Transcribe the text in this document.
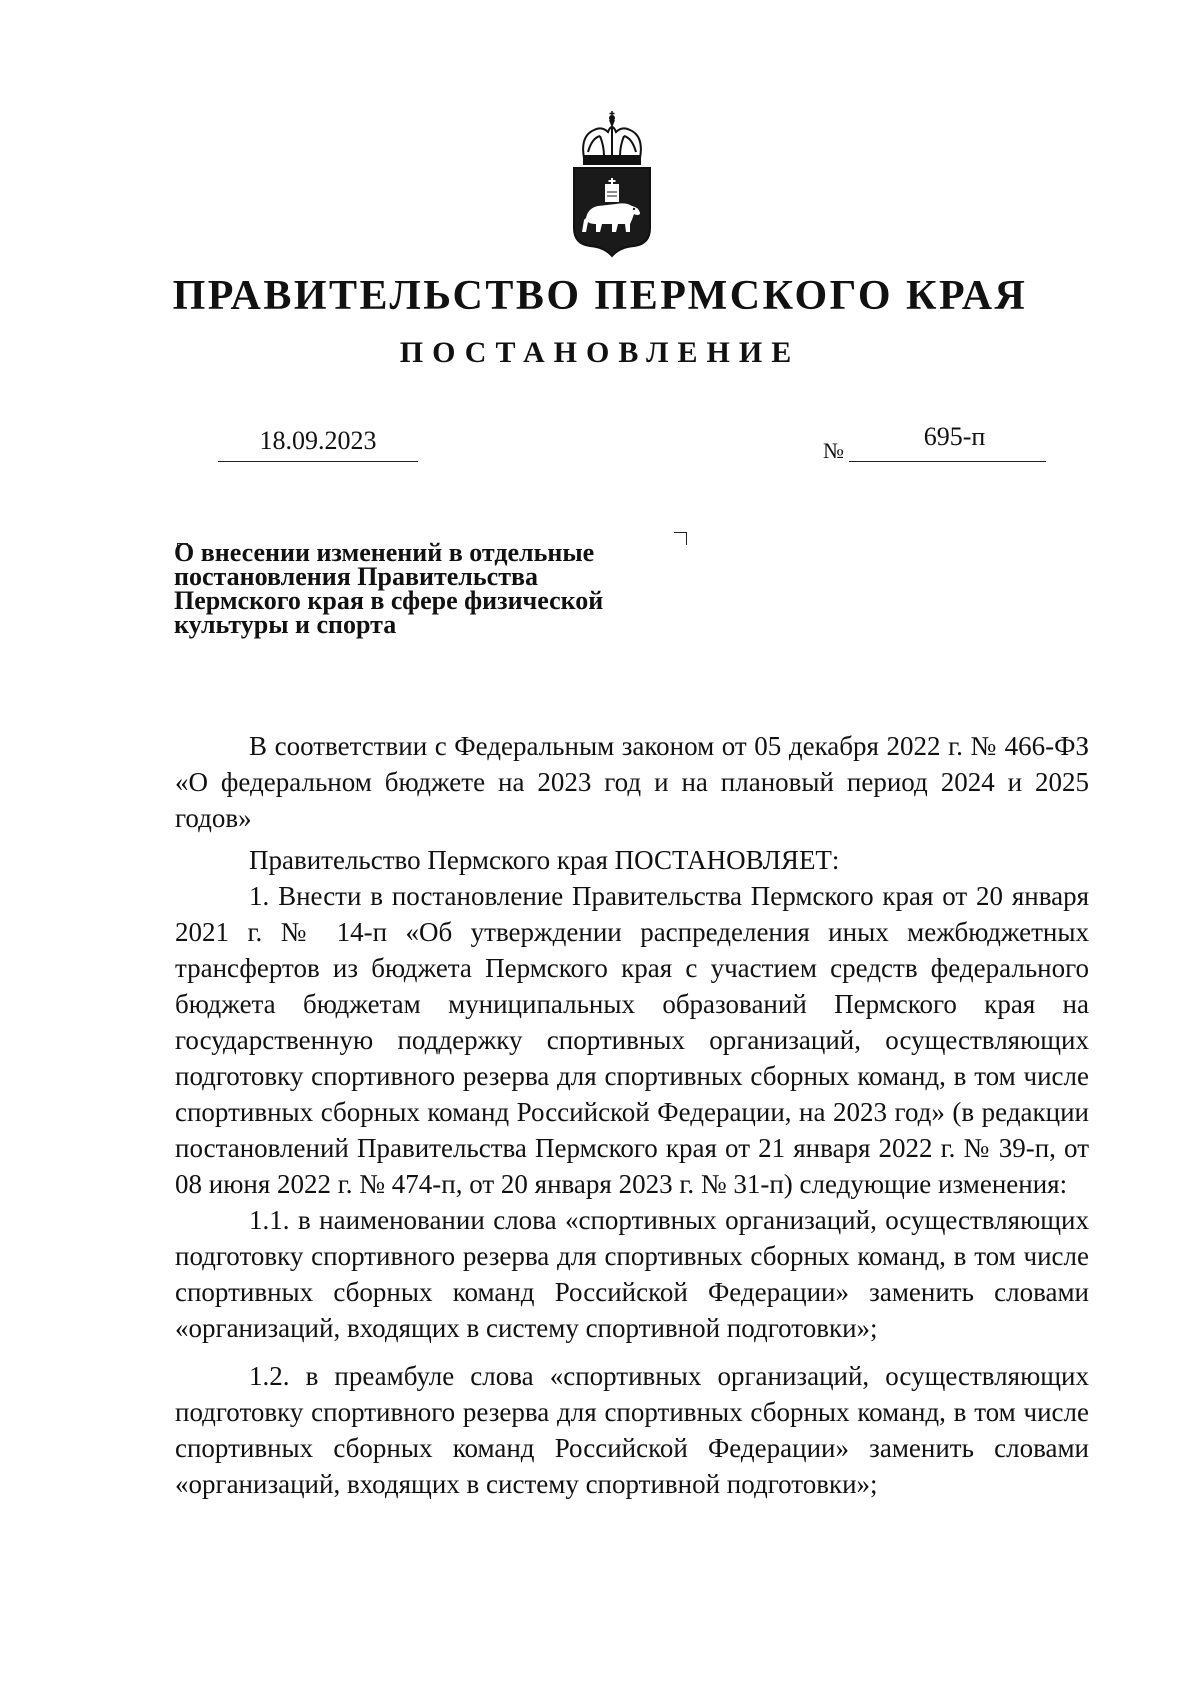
ПРАВИТЕЛЬСТВО ПЕРМСКОГО КРАЯ
ПОСТАНОВЛЕНИЕ
18.09.2023	№	695-п
О внесении изменений в отдельные
постановления Правительства
Пермского края в сфере физической
культуры и спорта

В соответствии с Федеральным законом от 05 декабря 2022 г. № 466-ФЗ «О федеральном бюджете на 2023 год и на плановый период 2024 и 2025 годов»

Правительство Пермского края ПОСТАНОВЛЯЕТ:

1. Внести в постановление Правительства Пермского края от 20 января 2021 г. № 14-п «Об утверждении распределения иных межбюджетных трансфертов из бюджета Пермского края с участием средств федерального бюджета бюджетам муниципальных образований Пермского края на государственную поддержку спортивных организаций, осуществляющих подготовку спортивного резерва для спортивных сборных команд, в том числе спортивных сборных команд Российской Федерации, на 2023 год» (в редакции постановлений Правительства Пермского края от 21 января 2022 г. № 39-п, от 08 июня 2022 г. № 474-п, от 20 января 2023 г. № 31-п) следующие изменения:

1.1. в наименовании слова «спортивных организаций, осуществляющих подготовку спортивного резерва для спортивных сборных команд, в том числе спортивных сборных команд Российской Федерации» заменить словами «организаций, входящих в систему спортивной подготовки»;

1.2. в преамбуле слова «спортивных организаций, осуществляющих подготовку спортивного резерва для спортивных сборных команд, в том числе спортивных сборных команд Российской Федерации» заменить словами «организаций, входящих в систему спортивной подготовки»;
